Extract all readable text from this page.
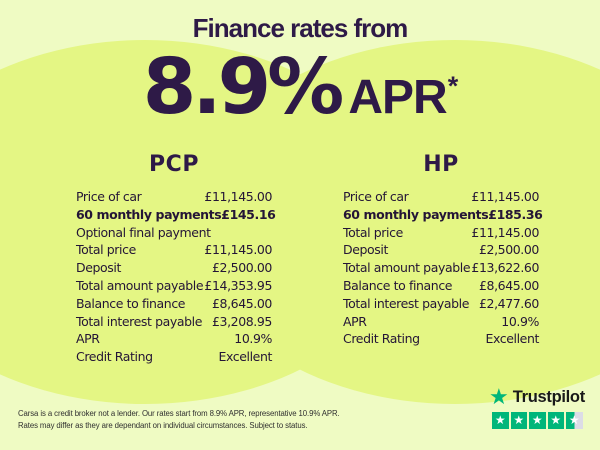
Finance rates from
8.9% APR *
PCP
Price of car	£11,145.00
60 monthly payments £145.16
Optional final payment
Total price	£11,145.00
Deposit	£2,500.00
Total amount payable £14,353.95
Balance to finance £8,645.00
Total interest payable £3,208.95
APR	10.9%
Credit Rating	Excellent
HP
Price of car	£11,145.00
60 monthly payments £185.36
Total price	£11,145.00
Deposit	£2,500.00
Total amount payable £13,622.60
Balance to finance £8,645.00
Total interest payable £2,477.60
APR	10.9%
Credit Rating	Excellent
Carsa is a credit broker not a lender. Our rates start from 8.9% APR, representative 10.9% APR.
Rates may differ as they are dependant on individual circumstances. Subject to status.
★ Trustpilot
★ ★ ★ ★ ★
